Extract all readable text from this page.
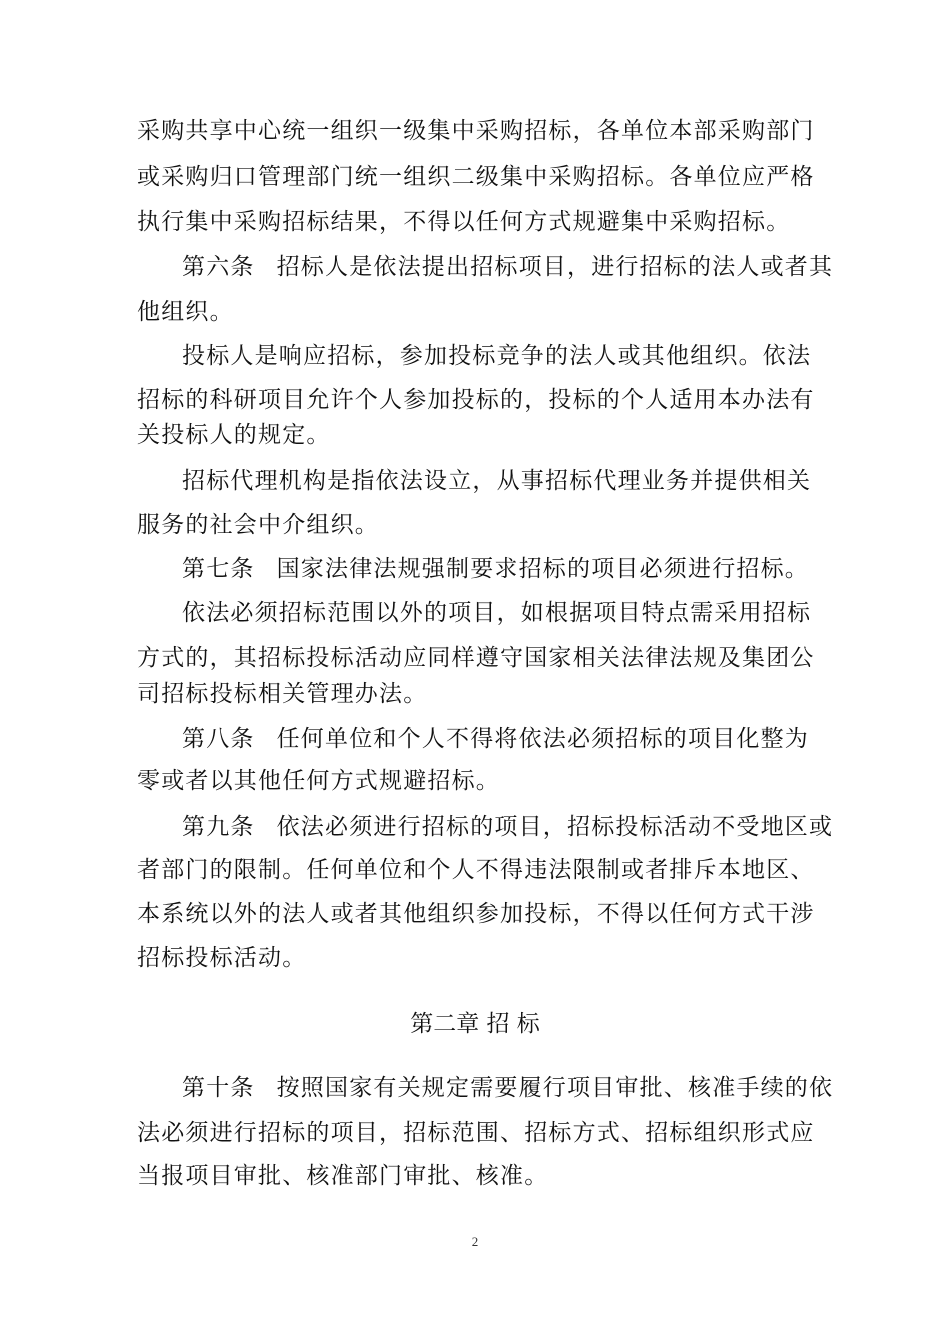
采购共享中心统一组织一级集中采购招标，各单位本部采购部门
或采购归口管理部门统一组织二级集中采购招标。各单位应严格
执行集中采购招标结果，不得以任何方式规避集中采购招标。
第六条 招标人是依法提出招标项目，进行招标的法人或者其
他组织。
投标人是响应招标，参加投标竞争的法人或其他组织。依法
招标的科研项目允许个人参加投标的，投标的个人适用本办法有
关投标人的规定。
招标代理机构是指依法设立，从事招标代理业务并提供相关
服务的社会中介组织。
第七条 国家法律法规强制要求招标的项目必须进行招标。
依法必须招标范围以外的项目，如根据项目特点需采用招标
方式的，其招标投标活动应同样遵守国家相关法律法规及集团公
司招标投标相关管理办法。
第八条 任何单位和个人不得将依法必须招标的项目化整为
零或者以其他任何方式规避招标。
第九条 依法必须进行招标的项目，招标投标活动不受地区或
者部门的限制。任何单位和个人不得违法限制或者排斥本地区、
本系统以外的法人或者其他组织参加投标，不得以任何方式干涉
招标投标活动。
第二章 招 标
第十条 按照国家有关规定需要履行项目审批、核准手续的依
法必须进行招标的项目，招标范围、招标方式、招标组织形式应
当报项目审批、核准部门审批、核准。
2
